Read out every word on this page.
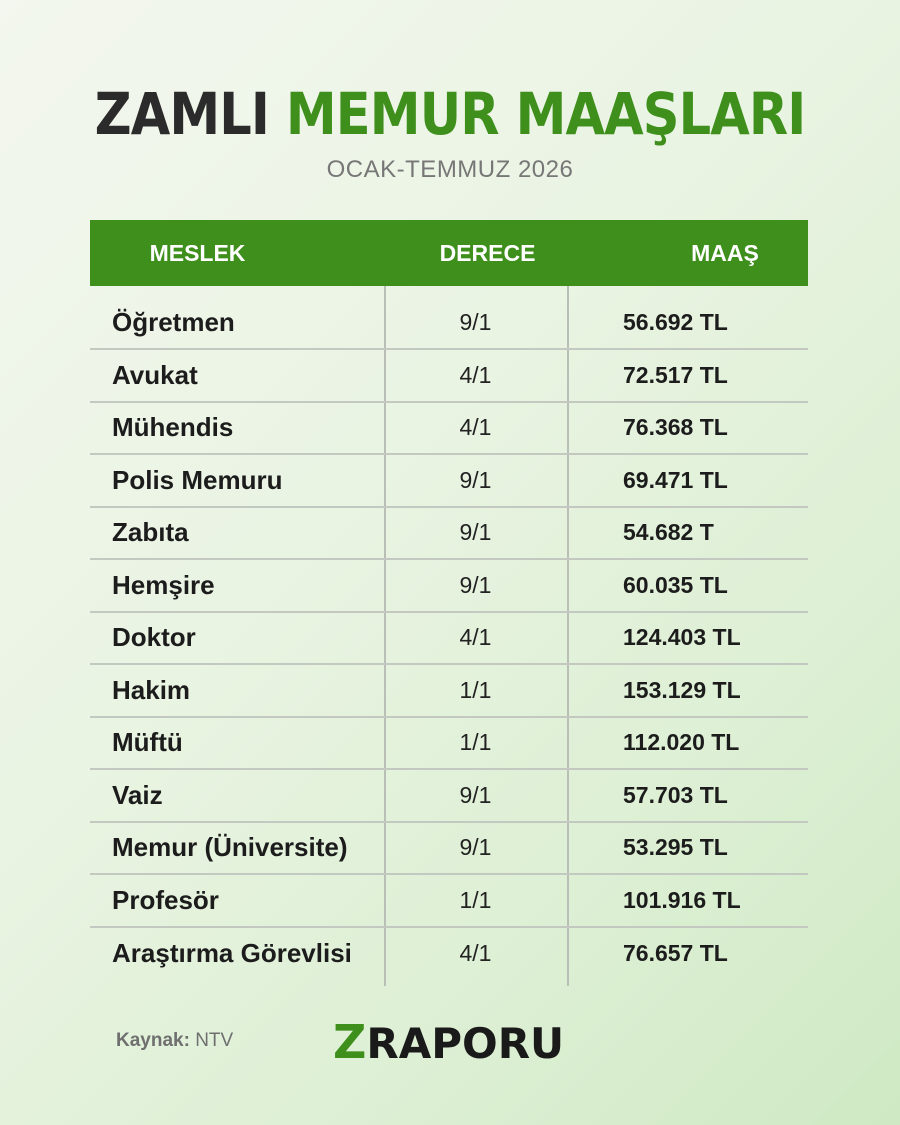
ZAMLI MEMUR MAAŞLARI
OCAK-TEMMUZ 2026
MESLEK	DERECE	MAAŞ
Öğretmen	9/1	56.692 TL
Avukat	4/1	72.517 TL
Mühendis	4/1	76.368 TL
Polis Memuru	9/1	69.471 TL
Zabıta	9/1	54.682 T
Hemşire	9/1	60.035 TL
Doktor	4/1	124.403 TL
Hakim	1/1	153.129 TL
Müftü	1/1	112.020 TL
Vaiz	9/1	57.703 TL
Memur (Üniversite)	9/1	53.295 TL
Profesör	1/1	101.916 TL
Araştırma Görevlisi	4/1	76.657 TL
Kaynak: NTV ZRAPORU
